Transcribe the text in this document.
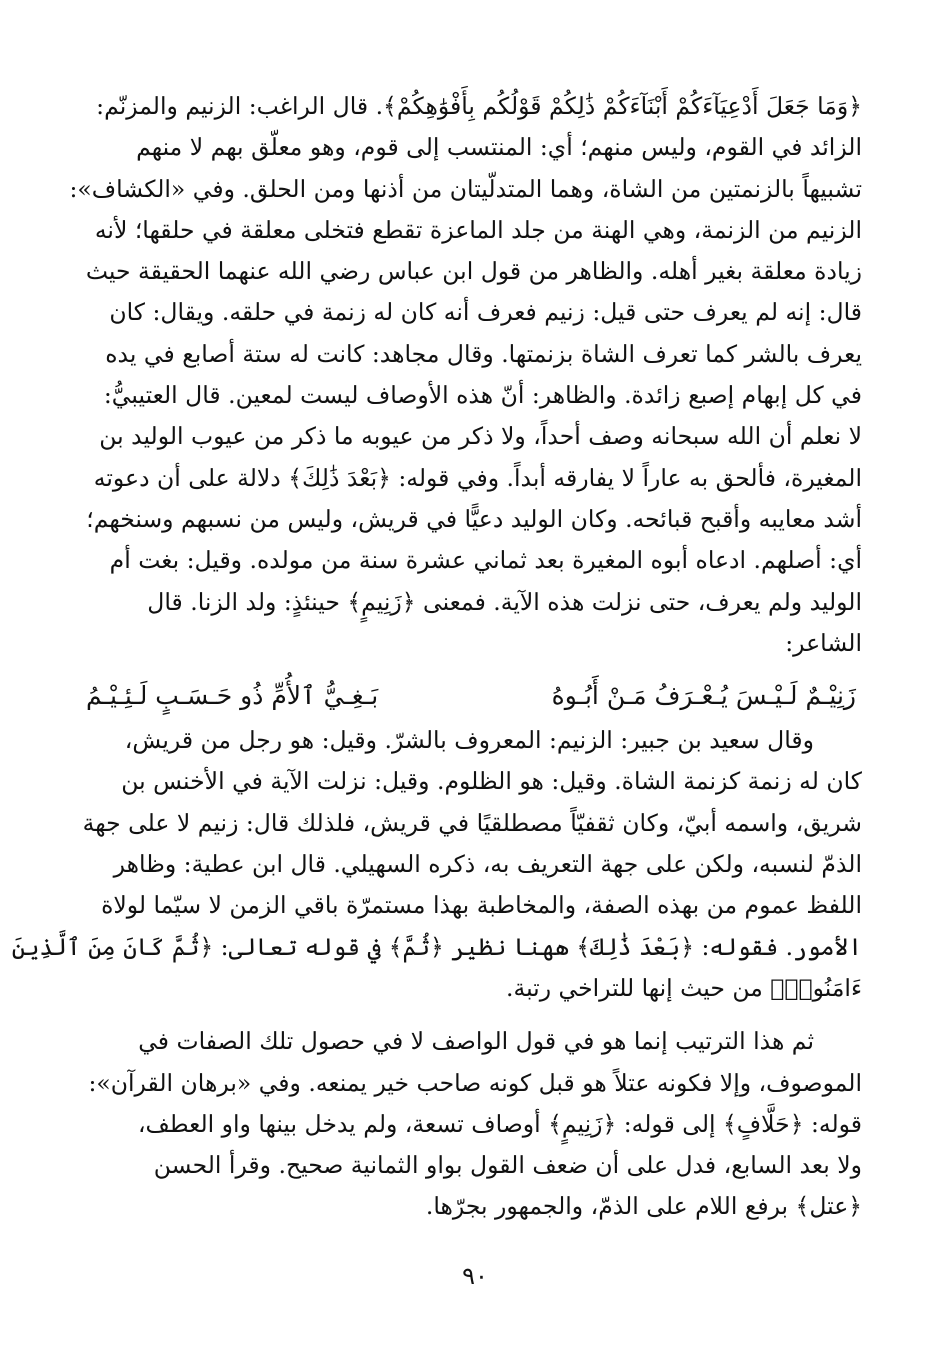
﴿وَمَا جَعَلَ أَدْعِيَآءَكُمْ أَبْنَآءَكُمْ ذَٰلِكُمْ قَوْلُكُم بِأَفْوَٰهِكُمْ﴾. قال الراغب: الزنيم والمزنّم:
الزائد في القوم، وليس منهم؛ أي: المنتسب إلى قوم، وهو معلّق بهم لا منهم
تشبيهاً بالزنمتين من الشاة، وهما المتدلّيتان من أذنها ومن الحلق. وفي «الكشاف»:
الزنيم من الزنمة، وهي الهنة من جلد الماعزة تقطع فتخلى معلقة في حلقها؛ لأنه
زيادة معلقة بغير أهله. والظاهر من قول ابن عباس رضي الله عنهما الحقيقة حيث
قال: إنه لم يعرف حتى قيل: زنيم فعرف أنه كان له زنمة في حلقه. ويقال: كان
يعرف بالشر كما تعرف الشاة بزنمتها. وقال مجاهد: كانت له ستة أصابع في يده
في كل إبهام إصبع زائدة. والظاهر: أنّ هذه الأوصاف ليست لمعين. قال العتيبيُّ:
لا نعلم أن الله سبحانه وصف أحداً، ولا ذكر من عيوبه ما ذكر من عيوب الوليد بن
المغيرة، فألحق به عاراً لا يفارقه أبداً. وفي قوله: ﴿بَعْدَ ذَٰلِكَ﴾ دلالة على أن دعوته
أشد معايبه وأقبح قبائحه. وكان الوليد دعيًّا في قريش، وليس من نسبهم وسنخهم؛
أي: أصلهم. ادعاه أبوه المغيرة بعد ثماني عشرة سنة من مولده. وقيل: بغت أم
الوليد ولم يعرف، حتى نزلت هذه الآية. فمعنى ﴿زَنِيمٍ﴾ حينئذٍ: ولد الزنا. قال
الشاعر:

زَنِيْـمٌ لَـيْـسَ يُـعْـرَفُ مَـنْ أَبُـوهُ
بَـغِـيُّ ٱلأُمِّ ذُو حَـسَـبٍ لَـئِـيْـمُ

وقال سعيد بن جبير: الزنيم: المعروف بالشرّ. وقيل: هو رجل من قريش،
كان له زنمة كزنمة الشاة. وقيل: هو الظلوم. وقيل: نزلت الآية في الأخنس بن
شريق، واسمه أبيّ، وكان ثقفيّاً مصطلقيًا في قريش، فلذلك قال: زنيم لا على جهة
الذمّ لنسبه، ولكن على جهة التعريف به، ذكره السهيلي. قال ابن عطية: وظاهر
اللفظ عموم من بهذه الصفة، والمخاطبة بهذا مستمرّة باقي الزمن لا سيّما لولاة
الأمور. فقوله: ﴿بَعْدَ ذَٰلِكَ﴾ ههنا نظير ﴿ثُمَّ﴾ في قوله تعالى: ﴿ثُمَّ كَانَ مِنَ ٱلَّذِينَ
ءَامَنُوا۟﴾ من حيث إنها للتراخي رتبة.

ثم هذا الترتيب إنما هو في قول الواصف لا في حصول تلك الصفات في
الموصوف، وإلا فكونه عتلاً هو قبل كونه صاحب خير يمنعه. وفي «برهان القرآن»:
قوله: ﴿حَلَّافٍ﴾ إلى قوله: ﴿زَنِيمٍ﴾ أوصاف تسعة، ولم يدخل بينها واو العطف،
ولا بعد السابع، فدل على أن ضعف القول بواو الثمانية صحيح. وقرأ الحسن
﴿عتل﴾ برفع اللام على الذمّ، والجمهور بجرّها.

٩٠
